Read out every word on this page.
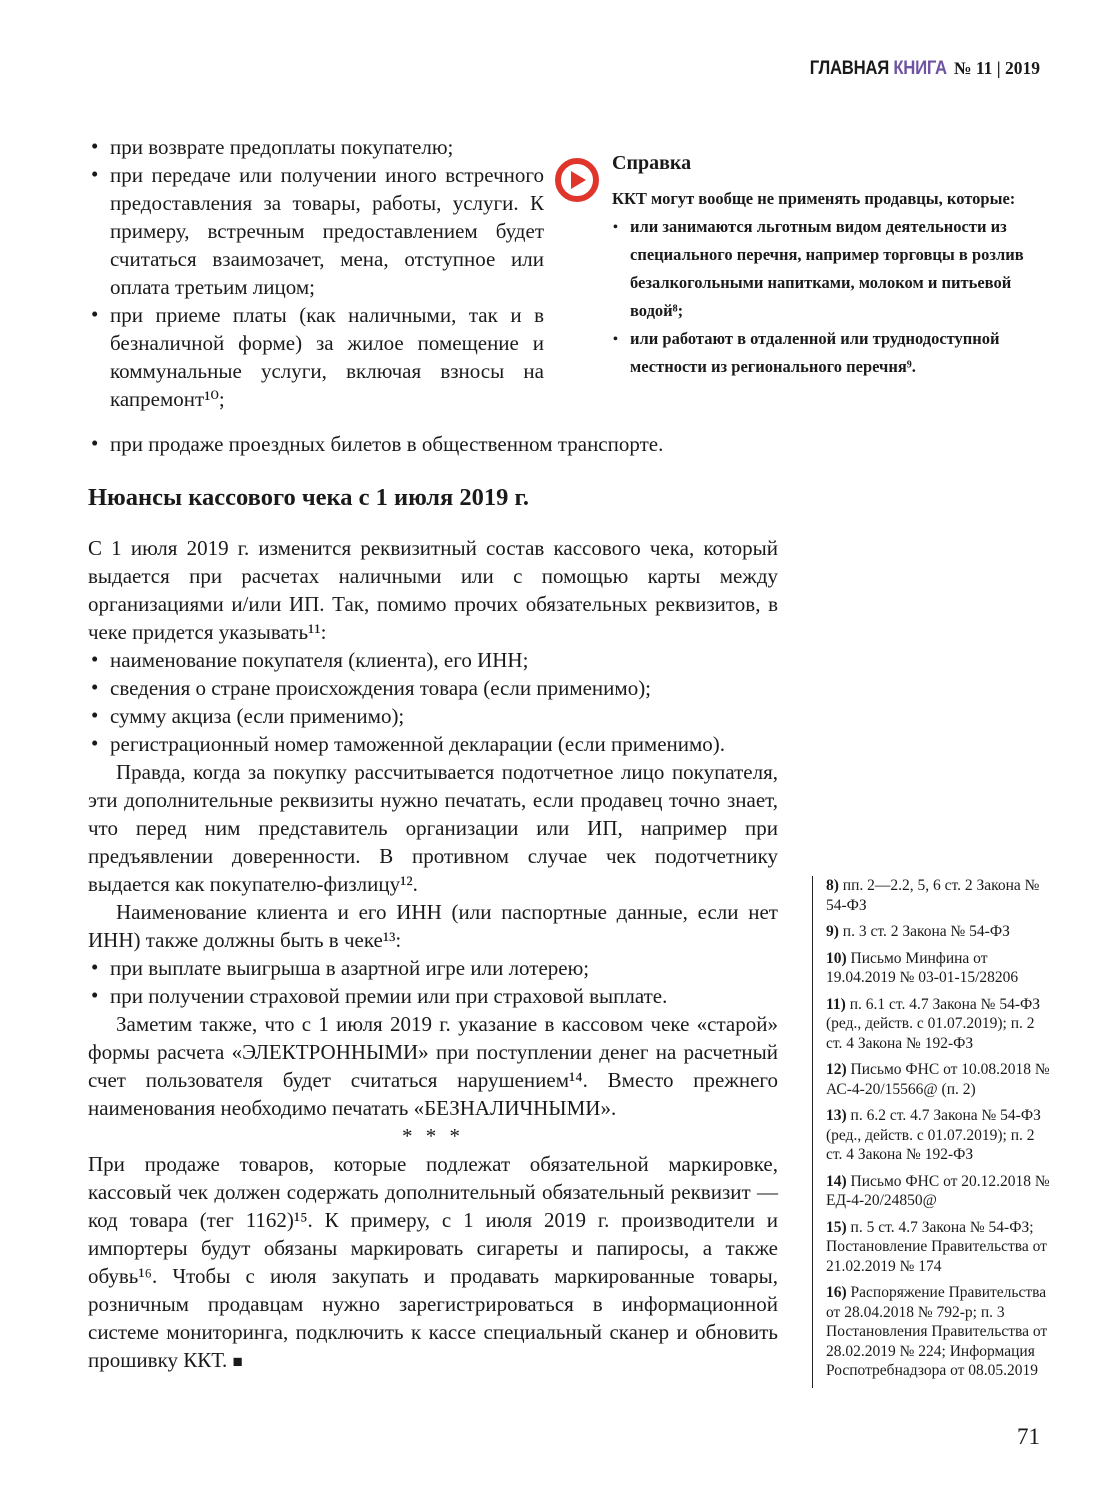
ГЛАВНАЯ КНИГА № 11 | 2019
• при возврате предоплаты покупателю;
• при передаче или получении иного встречного предоставления за товары, работы, услуги. К примеру, встречным предоставлением будет считаться взаимозачет, мена, отступное или оплата третьим лицом;
• при приеме платы (как наличными, так и в безналичной форме) за жилое помещение и коммунальные услуги, включая взносы на капремонт¹⁰;

Справка

ККТ могут вообще не применять продавцы, которые:
• или занимаются льготным видом деятельности из специального перечня, например торговцы в розлив безалкогольными напитками, молоком и питьевой водой⁸;
• или работают в отдаленной или труднодоступной местности из регионального перечня⁹.
• при продаже проездных билетов в общественном транспорте.
Нюансы кассового чека с 1 июля 2019 г.

С 1 июля 2019 г. изменится реквизитный состав кассового чека, который выдается при расчетах наличными или с помощью карты между организациями и/или ИП. Так, помимо прочих обязательных реквизитов, в чеке придется указывать¹¹:

• наименование покупателя (клиента), его ИНН;
• сведения о стране происхождения товара (если применимо);
• сумму акциза (если применимо);
• регистрационный номер таможенной декларации (если применимо).

Правда, когда за покупку рассчитывается подотчетное лицо покупателя, эти дополнительные реквизиты нужно печатать, если продавец точно знает, что перед ним представитель организации или ИП, например при предъявлении доверенности. В противном случае чек подотчетнику выдается как покупателю-физлицу¹².

Наименование клиента и его ИНН (или паспортные данные, если нет ИНН) также должны быть в чеке¹³:

• при выплате выигрыша в азартной игре или лотерею;
• при получении страховой премии или при страховой выплате.

Заметим также, что с 1 июля 2019 г. указание в кассовом чеке «старой» формы расчета «ЭЛЕКТРОННЫМИ» при поступлении денег на расчетный счет пользователя будет считаться нарушением¹⁴. Вместо прежнего наименования необходимо печатать «БЕЗНАЛИЧНЫМИ».

* * *

При продаже товаров, которые подлежат обязательной маркировке, кассовый чек должен содержать дополнительный обязательный реквизит — код товара (тег 1162)¹⁵. К примеру, с 1 июля 2019 г. производители и импортеры будут обязаны маркировать сигареты и папиросы, а также обувь¹⁶. Чтобы с июля закупать и продавать маркированные товары, розничным продавцам нужно зарегистрироваться в информационной системе мониторинга, подключить к кассе специальный сканер и обновить прошивку ККТ. ■

8) пп. 2—2.2, 5, 6 ст. 2 Закона № 54-ФЗ

9) п. 3 ст. 2 Закона № 54-ФЗ

10) Письмо Минфина от 19.04.2019 № 03-01-15/28206

11) п. 6.1 ст. 4.7 Закона № 54-ФЗ (ред., действ. с 01.07.2019); п. 2 ст. 4 Закона № 192-ФЗ

12) Письмо ФНС от 10.08.2018 № АС-4-20/15566@ (п. 2)

13) п. 6.2 ст. 4.7 Закона № 54-ФЗ (ред., действ. с 01.07.2019); п. 2 ст. 4 Закона № 192-ФЗ

14) Письмо ФНС от 20.12.2018 № ЕД-4-20/24850@

15) п. 5 ст. 4.7 Закона № 54-ФЗ; Постановление Правительства от 21.02.2019 № 174

16) Распоряжение Правительства от 28.04.2018 № 792-р; п. 3 Постановления Правительства от 28.02.2019 № 224; Информация Роспотребнадзора от 08.05.2019

71
